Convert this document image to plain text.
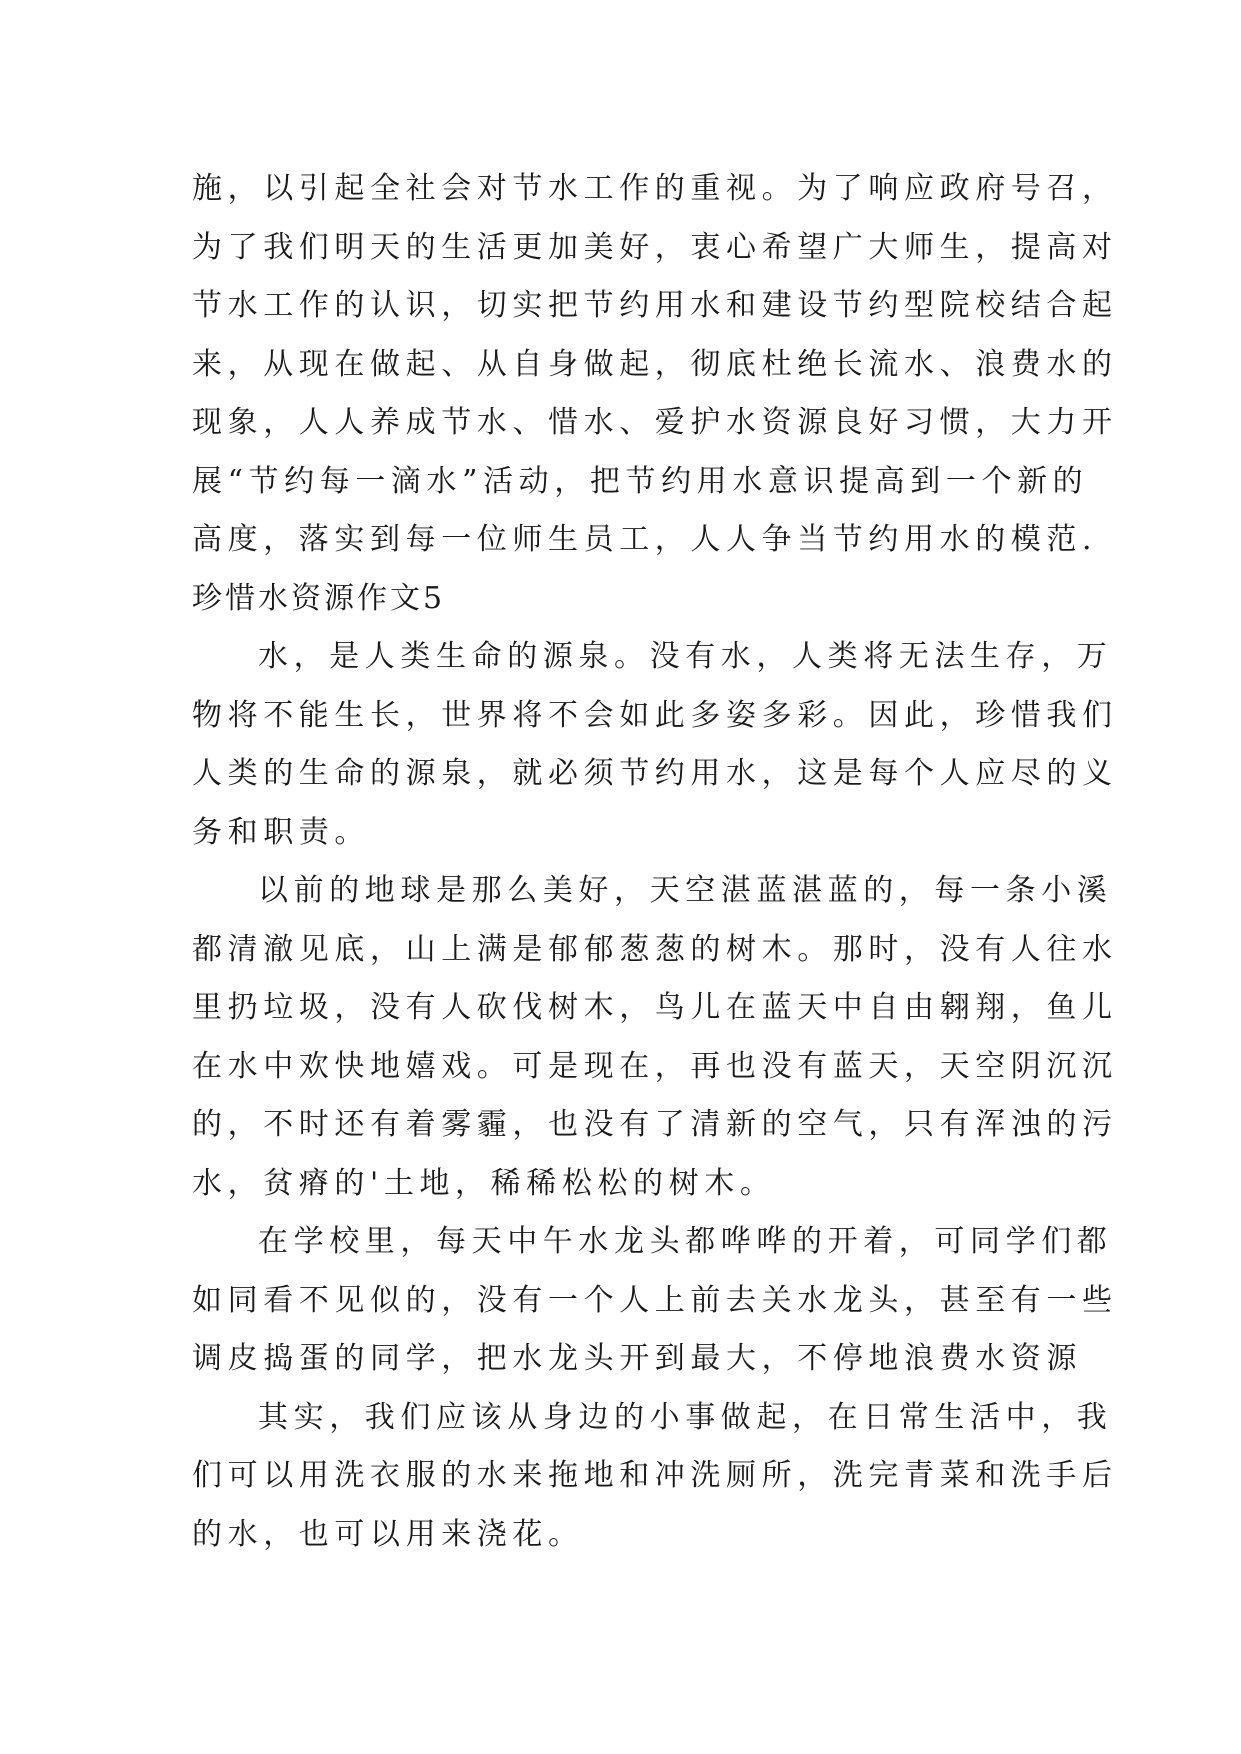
施，以引起全社会对节水工作的重视。为了响应政府号召，
为了我们明天的生活更加美好，衷心希望广大师生，提高对
节水工作的认识，切实把节约用水和建设节约型院校结合起
来，从现在做起、从自身做起，彻底杜绝长流水、浪费水的
现象，人人养成节水、惜水、爱护水资源良好习惯，大力开
展“节约每一滴水”活动，把节约用水意识提高到一个新的
高度，落实到每一位师生员工，人人争当节约用水的模范.
珍惜水资源作文5
水，是人类生命的源泉。没有水，人类将无法生存，万
物将不能生长，世界将不会如此多姿多彩。因此，珍惜我们
人类的生命的源泉，就必须节约用水，这是每个人应尽的义
务和职责。
以前的地球是那么美好，天空湛蓝湛蓝的，每一条小溪
都清澈见底，山上满是郁郁葱葱的树木。那时，没有人往水
里扔垃圾，没有人砍伐树木，鸟儿在蓝天中自由翱翔，鱼儿
在水中欢快地嬉戏。可是现在，再也没有蓝天，天空阴沉沉
的，不时还有着雾霾，也没有了清新的空气，只有浑浊的污
水，贫瘠的'土地，稀稀松松的树木。
在学校里，每天中午水龙头都哗哗的开着，可同学们都
如同看不见似的，没有一个人上前去关水龙头，甚至有一些
调皮捣蛋的同学，把水龙头开到最大，不停地浪费水资源
其实，我们应该从身边的小事做起，在日常生活中，我
们可以用洗衣服的水来拖地和冲洗厕所，洗完青菜和洗手后
的水，也可以用来浇花。
